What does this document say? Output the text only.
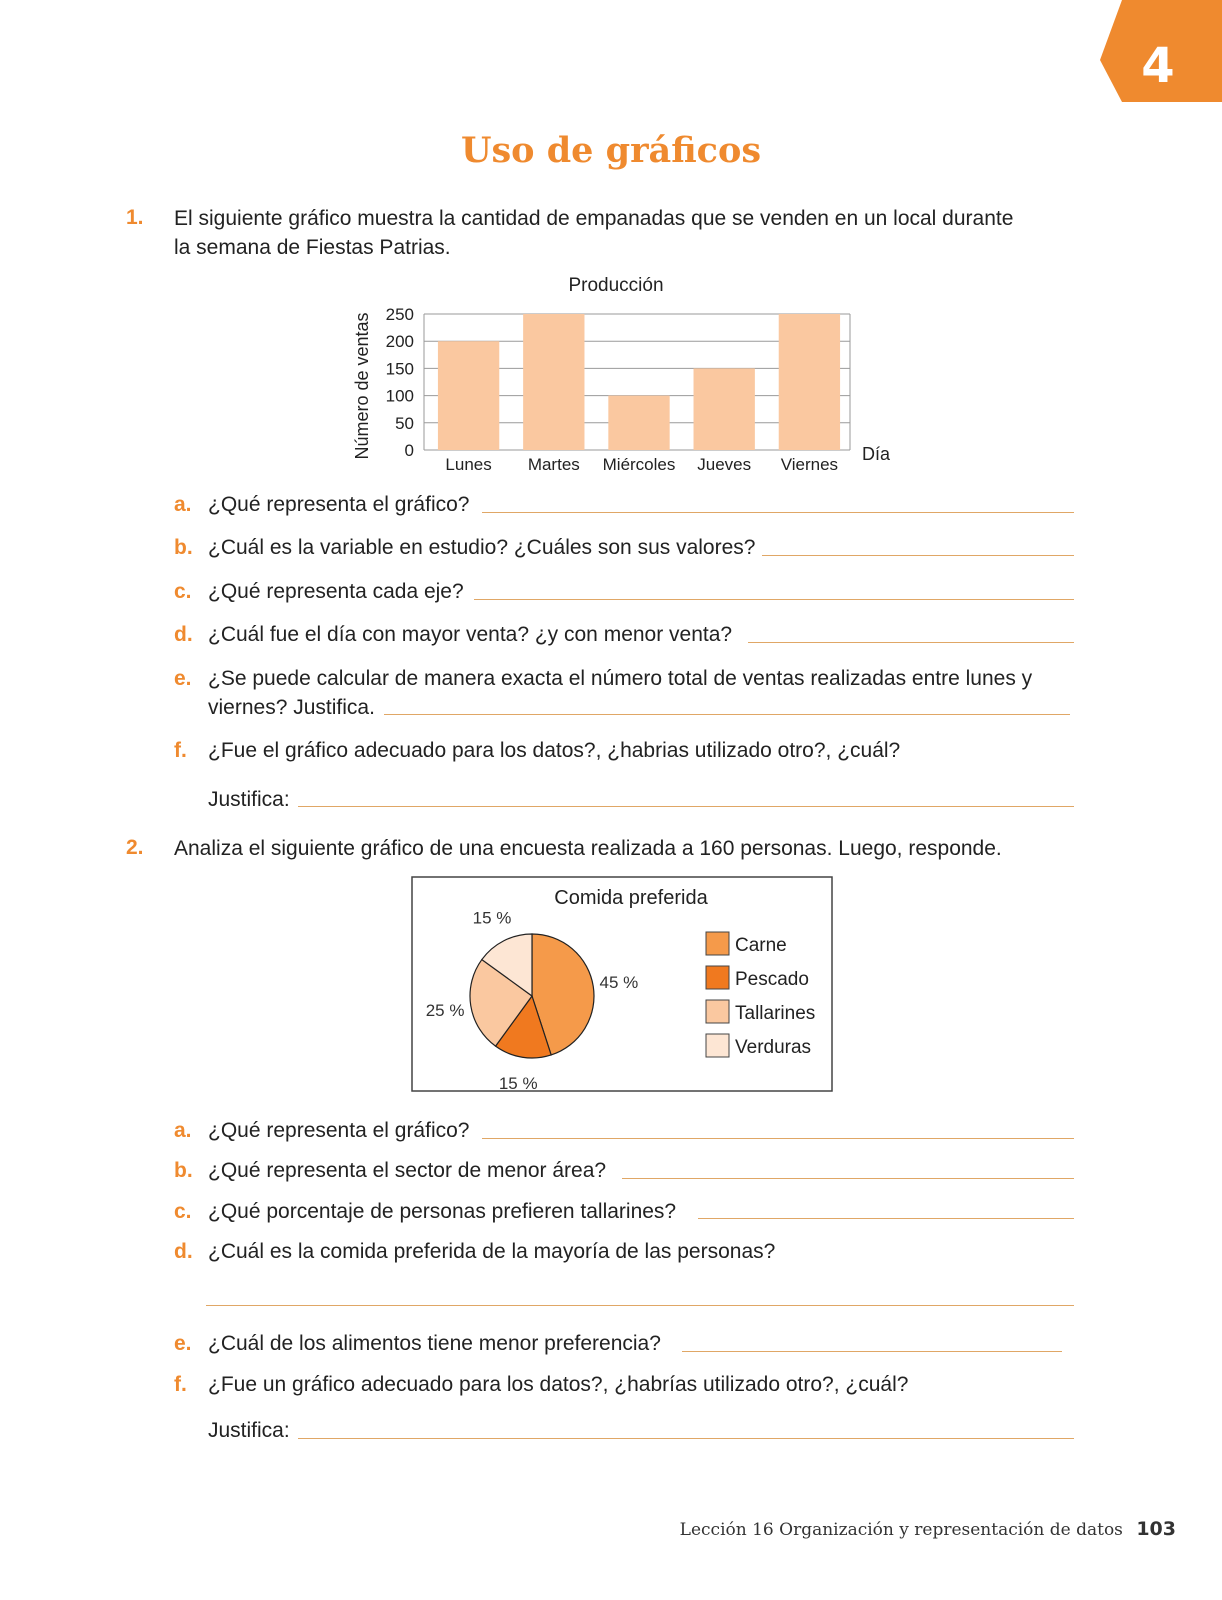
4
Uso de gráficos
1. El siguiente gráfico muestra la cantidad de empanadas que se venden en un local durante
la semana de Fiestas Patrias.
Producción
Número de ventas	Día
0
50
100
150
200
250
Lunes Martes Miércoles Jueves Viernes
a. ¿Qué representa el gráfico?
b. ¿Cuál es la variable en estudio? ¿Cuáles son sus valores?
c. ¿Qué representa cada eje?
d. ¿Cuál fue el día con mayor venta? ¿y con menor venta?
e. ¿Se puede calcular de manera exacta el número total de ventas realizadas entre lunes y
viernes? Justifica.
f. ¿Fue el gráfico adecuado para los datos?, ¿habrias utilizado otro?, ¿cuál?
Justifica:
2. Analiza el siguiente gráfico de una encuesta realizada a 160 personas. Luego, responde.
Comida preferida
45 %
15 %
25 %
15 %
Carne
Pescado
Tallarines
Verduras
a. ¿Qué representa el gráfico?
b. ¿Qué representa el sector de menor área?
c. ¿Qué porcentaje de personas prefieren tallarines?
d. ¿Cuál es la comida preferida de la mayoría de las personas?
e. ¿Cuál de los alimentos tiene menor preferencia?
f. ¿Fue un gráfico adecuado para los datos?, ¿habrías utilizado otro?, ¿cuál?
Justifica:
Lección 16 Organización y representación de datos 103
